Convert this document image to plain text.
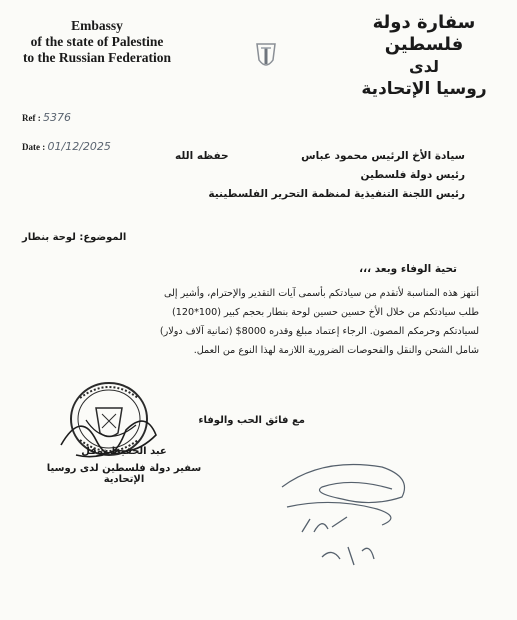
Embassy
of the state of Palestine
to the Russian Federation
سفارة دولة فلسطين
لدى
روسيا الإتحادية
Ref : 5376
Date : 01/12/2025
سيادة الأخ الرئيس محمود عباس
حفظه الله
رئيس دولة فلسطين
رئيس اللجنة التنفيذية لمنظمة التحرير الفلسطينية
الموضوع: لوحة بنطار
تحية الوفاء وبعد ،،،
أنتهز هذه المناسبة لأتقدم من سيادتكم بأسمى آيات التقدير والإحترام، وأشير إلى
طلب سيادتكم من خلال الأخ حسين حسين لوحة بنطار بحجم كبير (100*120)
لسيادتكم وحرمكم المصون. الرجاء إعتماد مبلغ وقدره 8000$ (ثمانية آلاف دولار)
شامل الشحن والنقل والفحوصات الضرورية اللازمة لهذا النوع من العمل.
مع فائق الحب والوفاء
عبد الحفيظ نوفل
سفير دولة فلسطين لدى روسيا الإتحادية
